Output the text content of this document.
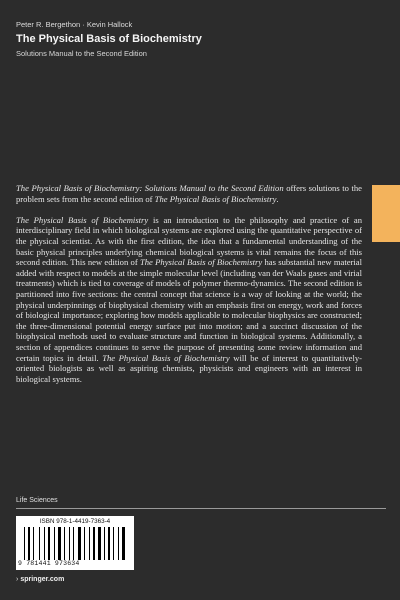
Peter R. Bergethon · Kevin Hallock
The Physical Basis of Biochemistry
Solutions Manual to the Second Edition

The Physical Basis of Biochemistry: Solutions Manual to the Second Edition offers solutions to the problem sets from the second edition of The Physical Basis of Biochemistry.

The Physical Basis of Biochemistry is an introduction to the philosophy and practice of an interdisciplinary field in which biological systems are explored using the quantitative perspective of the physical scientist. As with the first edition, the idea that a fundamental understanding of the basic physical principles underlying chemical biological systems is vital remains the focus of this second edition. This new edition of The Physical Basis of Biochemistry has substantial new material added with respect to models at the simple molecular level (including van der Waals gases and virial treatments) which is tied to coverage of models of polymer thermo-dynamics. The second edition is partitioned into five sections: the central concept that science is a way of looking at the world; the physical underpinnings of biophysical chemistry with an emphasis first on energy, work and forces of biological importance; exploring how models applicable to molecular biophysics are constructed; the three-dimensional potential energy surface put into motion; and a succinct discussion of the biophysical methods used to evaluate structure and function in biological systems. Additionally, a section of appendices continues to serve the purpose of presenting some review information and certain topics in detail. The Physical Basis of Biochemistry will be of interest to quantitatively-oriented biologists as well as aspiring chemists, physicists and engineers with an interest in biological systems.

Life Sciences
ISBN 978-1-4419-7363-4
9 781441 973634
› springer.com
